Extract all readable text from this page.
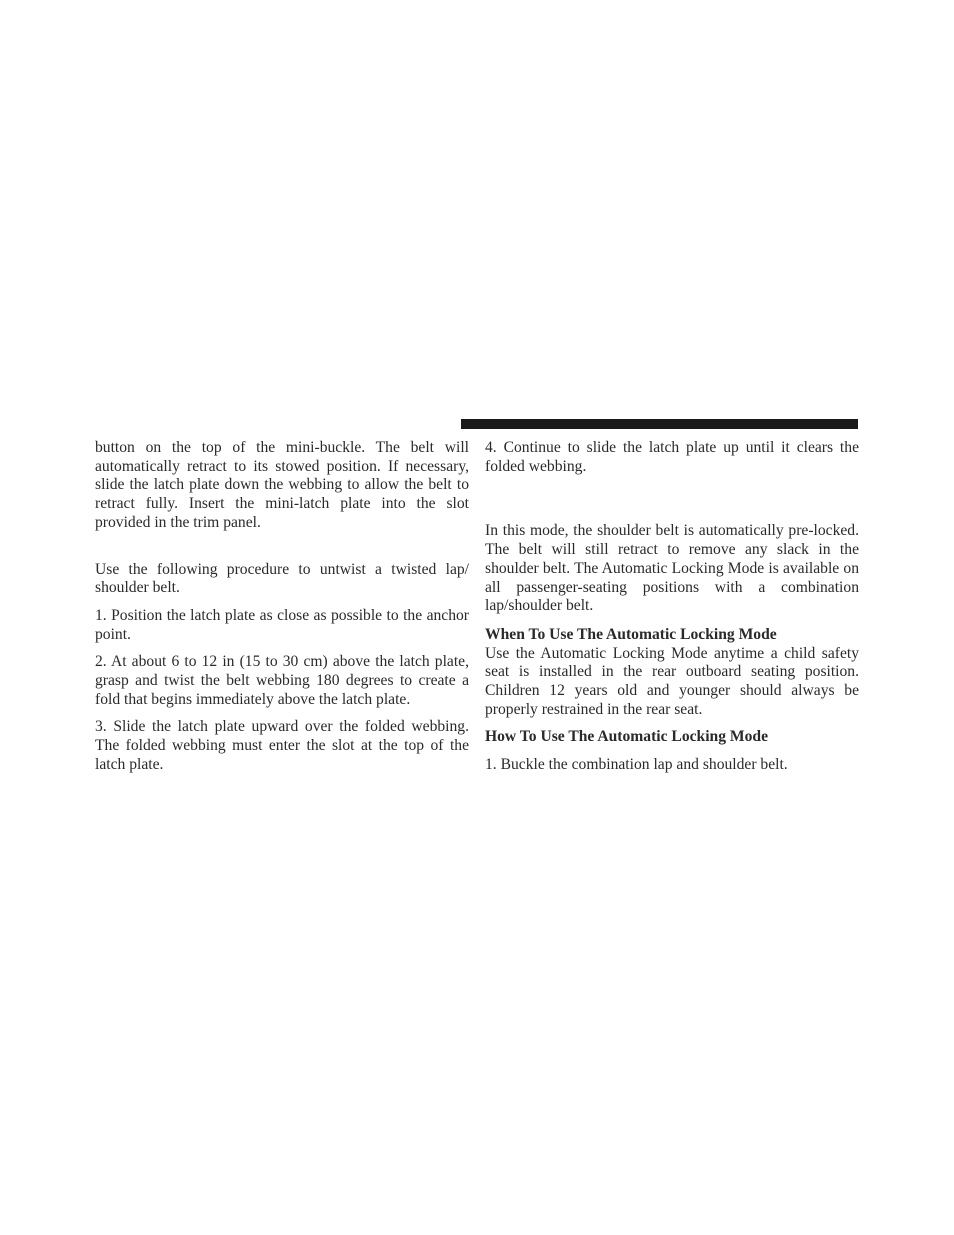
button on the top of the mini-buckle. The belt will automatically retract to its stowed position. If necessary, slide the latch plate down the webbing to allow the belt to retract fully. Insert the mini-latch plate into the slot provided in the trim panel.

Use the following procedure to untwist a twisted lap/ shoulder belt.

1. Position the latch plate as close as possible to the anchor point.

2. At about 6 to 12 in (15 to 30 cm) above the latch plate, grasp and twist the belt webbing 180 degrees to create a fold that begins immediately above the latch plate.

3. Slide the latch plate upward over the folded webbing. The folded webbing must enter the slot at the top of the latch plate.

4. Continue to slide the latch plate up until it clears the folded webbing.

In this mode, the shoulder belt is automatically pre-locked. The belt will still retract to remove any slack in the shoulder belt. The Automatic Locking Mode is available on all passenger-seating positions with a combination lap/shoulder belt.

When To Use The Automatic Locking Mode

Use the Automatic Locking Mode anytime a child safety seat is installed in the rear outboard seating position. Children 12 years old and younger should always be properly restrained in the rear seat.

How To Use The Automatic Locking Mode

1. Buckle the combination lap and shoulder belt.
